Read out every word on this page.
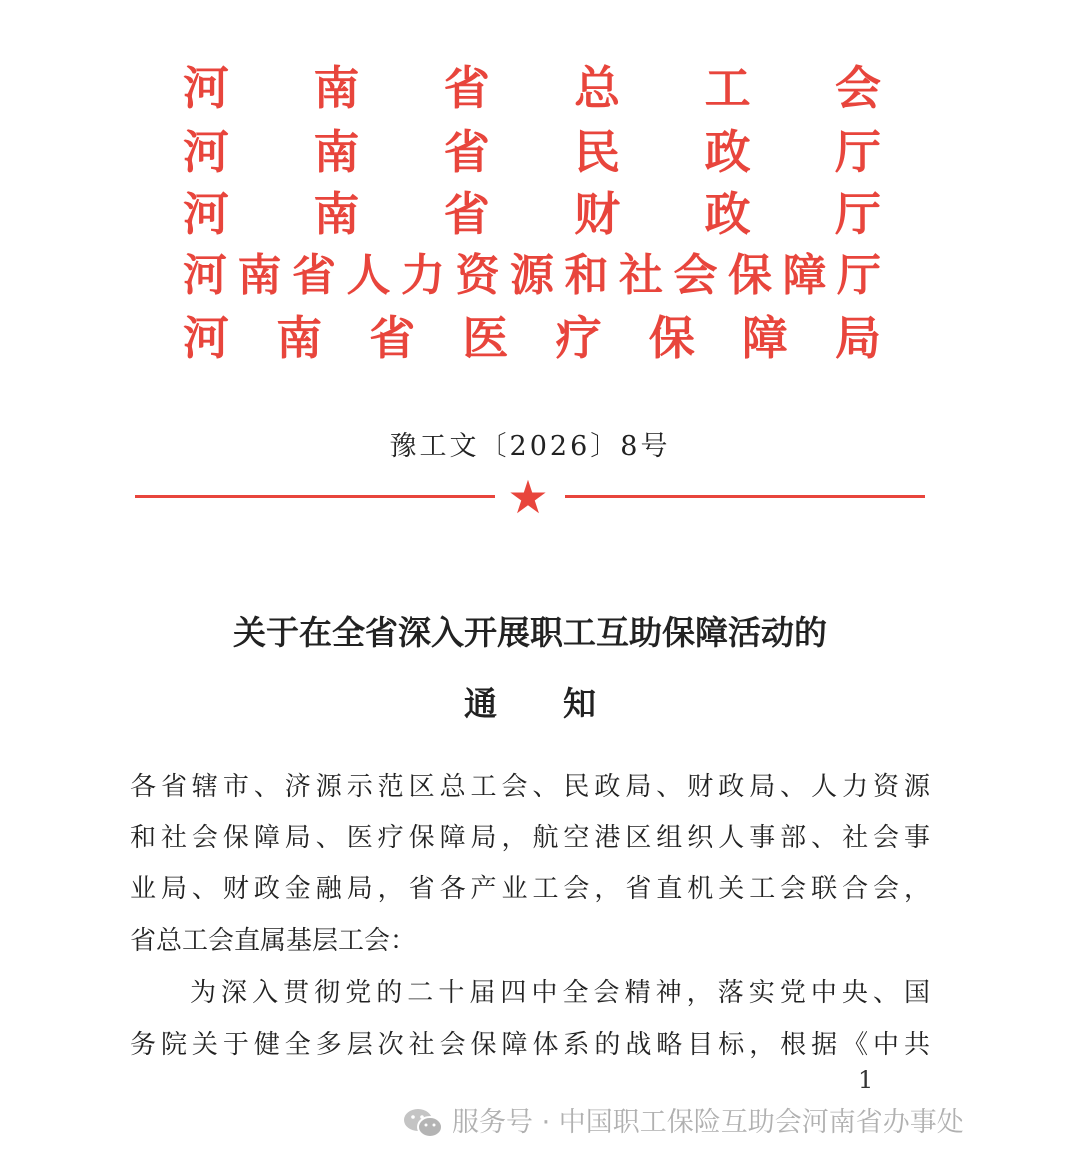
河 南 省 总 工 会
河 南 省 民 政 厅
河 南 省 财 政 厅
河 南 省 人 力 资 源 和 社 会 保 障 厅
河 南 省 医 疗 保 障 局
豫工文〔2026〕8号
★
关于在全省深入开展职工互助保障活动的
通　　知
各省辖市、济源示范区总工会、民政局、财政局、人力资源
和社会保障局、医疗保障局，航空港区组织人事部、社会事
业局、财政金融局，省各产业工会，省直机关工会联合会，
省总工会直属基层工会：
为深入贯彻党的二十届四中全会精神，落实党中央、国
务院关于健全多层次社会保障体系的战略目标，根据《中共
1
服务号 · 中国职工保险互助会河南省办事处
